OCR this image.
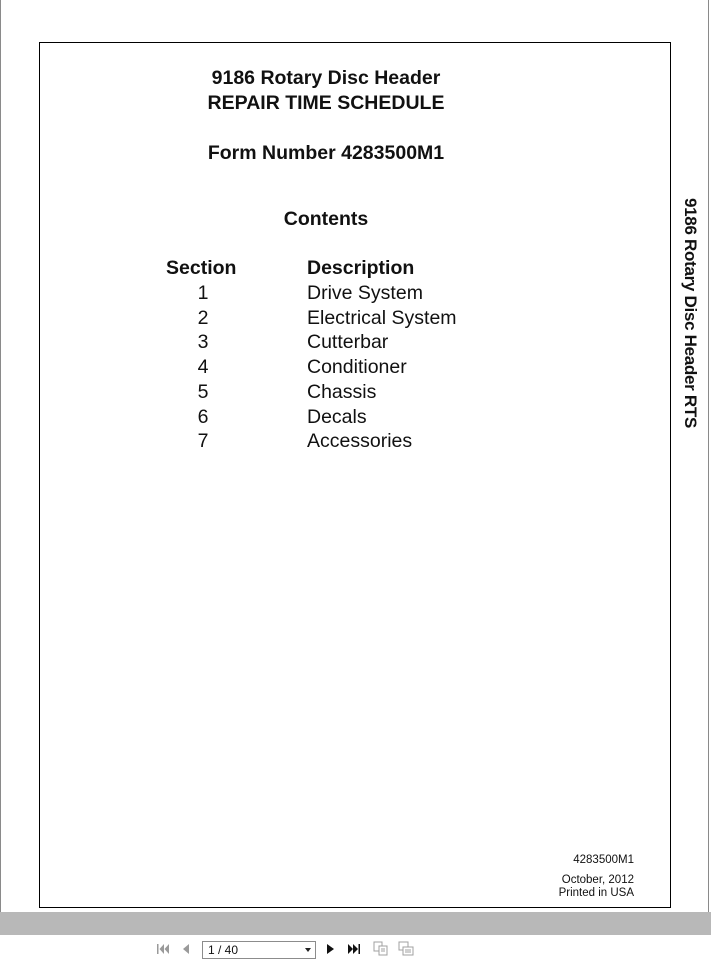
9186 Rotary Disc Header
REPAIR TIME SCHEDULE
Form Number 4283500M1
Contents
Section	Description
1	Drive System
2	Electrical System
3	Cutterbar
4	Conditioner
5	Chassis
6	Decals
7	Accessories
9186 Rotary Disc Header RTS
4283500M1
October, 2012
Printed in USA
1 / 40
